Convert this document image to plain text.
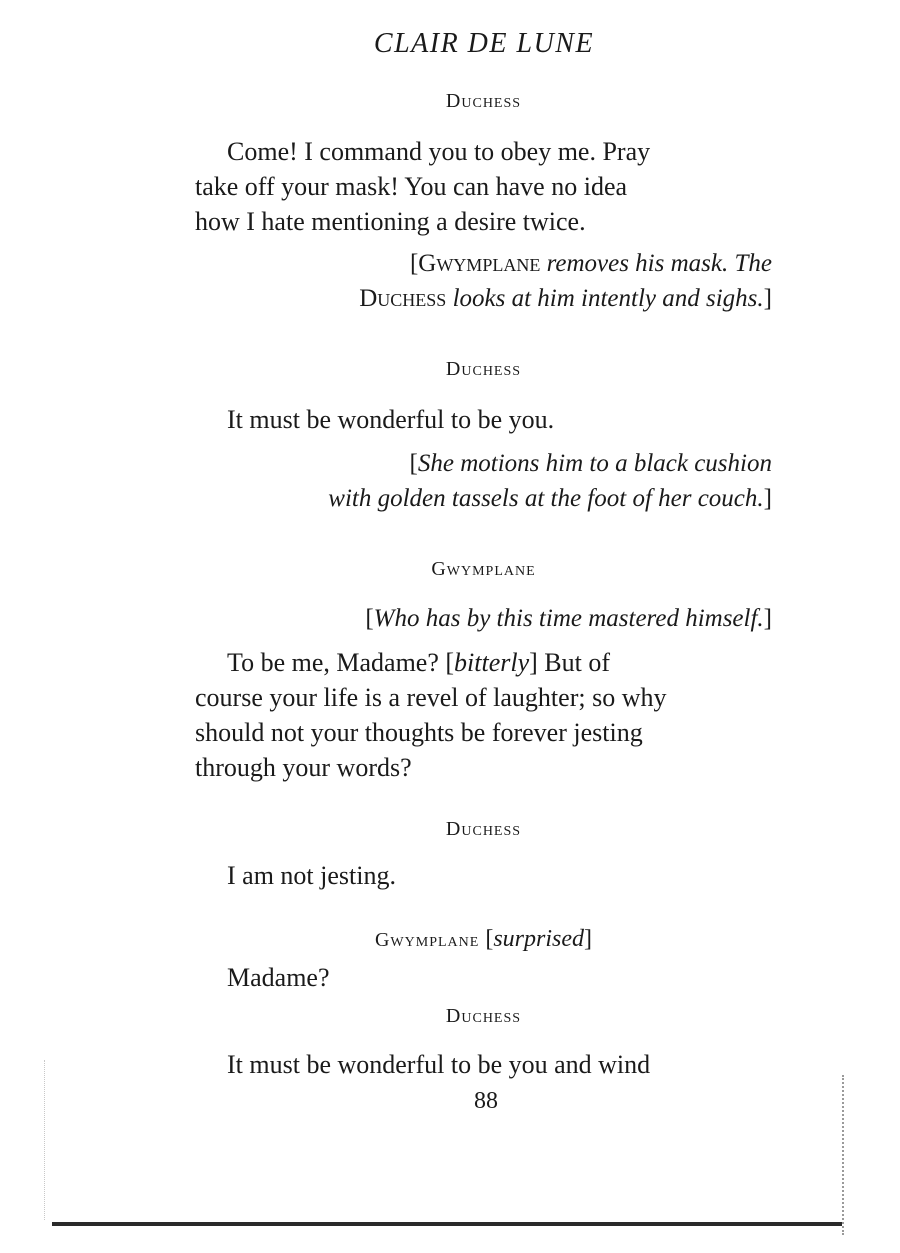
CLAIR DE LUNE
Duchess
Come! I command you to obey me. Pray
take off your mask! You can have no idea
how I hate mentioning a desire twice.
[Gwymplane removes his mask. The
Duchess looks at him intently and sighs.]
Duchess
It must be wonderful to be you.
[She motions him to a black cushion
with golden tassels at the foot of her couch.]
Gwymplane
[Who has by this time mastered himself.]
To be me, Madame? [bitterly] But of
course your life is a revel of laughter; so why
should not your thoughts be forever jesting
through your words?
Duchess
I am not jesting.
Gwymplane [surprised]
Madame?
Duchess
It must be wonderful to be you and wind
88
